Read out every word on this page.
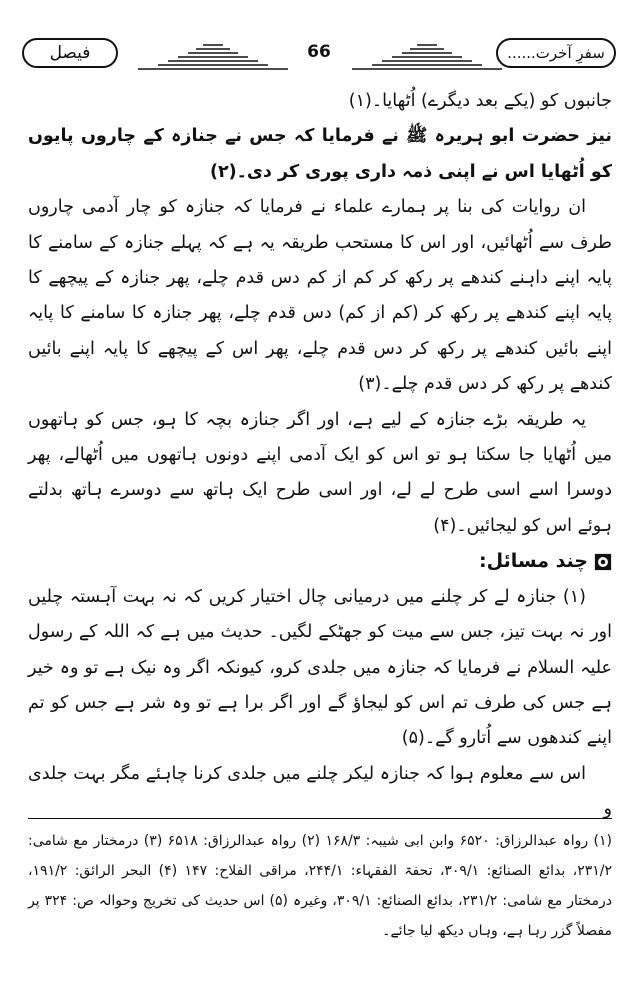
فیصل	66	سفرِ آخرت......

جانبوں کو (یکے بعد دیگرے) اُٹھایا۔(۱)

نیز حضرت ابو ہریرہ ﷺ نے فرمایا کہ جس نے جنازہ کے چاروں پایوں کو اُٹھایا اس نے اپنی ذمہ داری پوری کر دی۔(۲)

ان روایات کی بنا پر ہمارے علماء نے فرمایا کہ جنازہ کو چار آدمی چاروں طرف سے اُٹھائیں، اور اس کا مستحب طریقہ یہ ہے کہ پہلے جنازہ کے سامنے کا پایہ اپنے داہنے کندھے پر رکھ کر کم از کم دس قدم چلے، پھر جنازہ کے پیچھے کا پایہ اپنے کندھے پر رکھ کر (کم از کم) دس قدم چلے، پھر جنازہ کا سامنے کا پایہ اپنے بائیں کندھے پر رکھ کر دس قدم چلے، پھر اس کے پیچھے کا پایہ اپنے بائیں کندھے پر رکھ کر دس قدم چلے۔(۳)

یہ طریقہ بڑے جنازہ کے لیے ہے، اور اگر جنازہ بچہ کا ہو، جس کو ہاتھوں میں اُٹھایا جا سکتا ہو تو اس کو ایک آدمی اپنے دونوں ہاتھوں میں اُٹھالے، پھر دوسرا اسے اسی طرح لے لے، اور اسی طرح ایک ہاتھ سے دوسرے ہاتھ بدلتے ہوئے اس کو لیجائیں۔(۴)

چند مسائل:

(۱) جنازہ لے کر چلنے میں درمیانی چال اختیار کریں کہ نہ بہت آہستہ چلیں اور نہ بہت تیز، جس سے میت کو جھٹکے لگیں۔ حدیث میں ہے کہ اللہ کے رسول علیہ السلام نے فرمایا کہ جنازہ میں جلدی کرو، کیونکہ اگر وہ نیک ہے تو وہ خیر ہے جس کی طرف تم اس کو لیجاؤ گے اور اگر برا ہے تو وہ شر ہے جس کو تم اپنے کندھوں سے اُتارو گے۔(۵)

اس سے معلوم ہوا کہ جنازہ لیکر چلنے میں جلدی کرنا چاہئے مگر بہت جلدی و

(۱) رواہ عبدالرزاق: ۶۵۲۰ وابن ابی شیبہ: ۱۶۸/۳ (۲) رواہ عبدالرزاق: ۶۵۱۸ (۳) درمختار مع شامی: ۲۳۱/۲، بدائع الصنائع: ۳۰۹/۱، تحفۃ الفقہاء: ۲۴۴/۱، مراقی الفلاح: ۱۴۷ (۴) البحر الرائق: ۱۹۱/۲، درمختار مع شامی: ۲۳۱/۲، بدائع الصنائع: ۳۰۹/۱، وغیرہ (۵) اس حدیث کی تخریج وحوالہ ص: ۳۲۴ پر مفصلاً گزر رہا ہے، وہاں دیکھ لیا جائے۔
